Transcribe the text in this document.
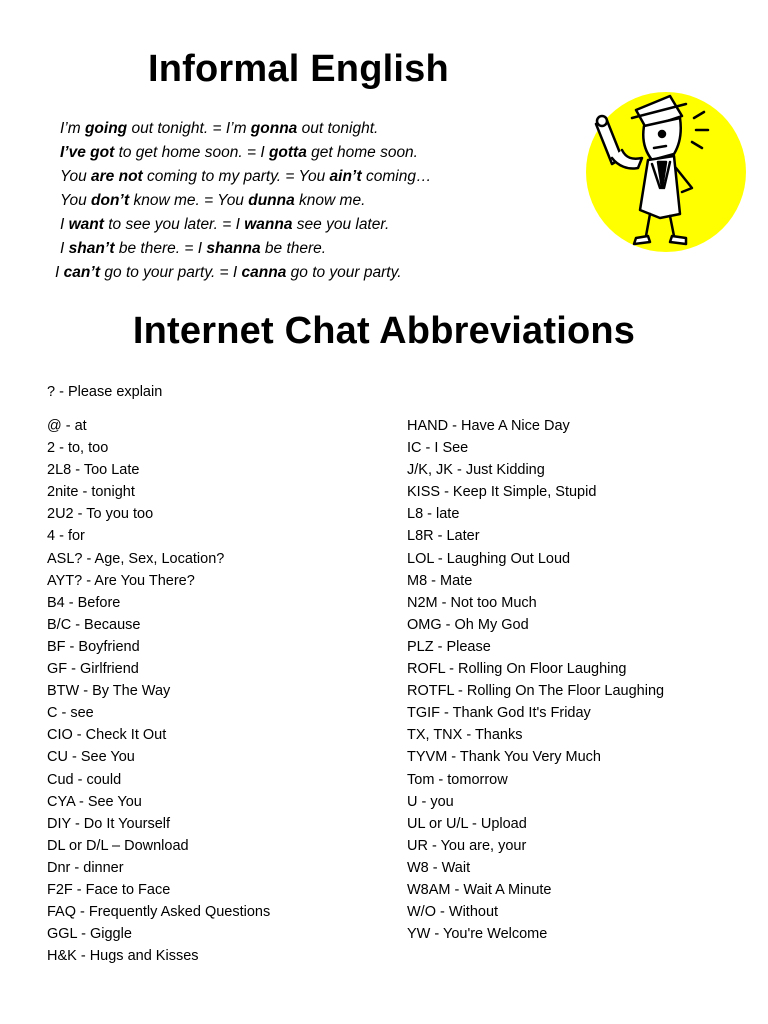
Informal English
I’m going out tonight. = I’m gonna out tonight.
I’ve got to get home soon. = I gotta get home soon.
You are not coming to my party. = You ain’t coming…
You don’t know me. = You dunna know me.
I want to see you later. = I wanna see you later.
I shan’t be there. = I shanna be there.
I can’t go to your party. = I canna go to your party.
Internet Chat Abbreviations
? - Please explain
@ - at
2 - to, too
2L8 - Too Late
2nite - tonight
2U2 - To you too
4 - for
ASL? - Age, Sex, Location?
AYT? - Are You There?
B4 - Before
B/C - Because
BF - Boyfriend
GF - Girlfriend
BTW - By The Way
C - see
CIO - Check It Out
CU - See You
Cud - could
CYA - See You
DIY - Do It Yourself
DL or D/L – Download
Dnr - dinner
F2F - Face to Face
FAQ - Frequently Asked Questions
GGL - Giggle
H&K - Hugs and Kisses
HAND - Have A Nice Day
IC - I See
J/K, JK - Just Kidding
KISS - Keep It Simple, Stupid
L8 - late
L8R - Later
LOL - Laughing Out Loud
M8 - Mate
N2M - Not too Much
OMG - Oh My God
PLZ - Please
ROFL - Rolling On Floor Laughing
ROTFL - Rolling On The Floor Laughing
TGIF - Thank God It's Friday
TX, TNX - Thanks
TYVM - Thank You Very Much
Tom - tomorrow
U - you
UL or U/L - Upload
UR - You are, your
W8 - Wait
W8AM - Wait A Minute
W/O - Without
YW - You're Welcome
